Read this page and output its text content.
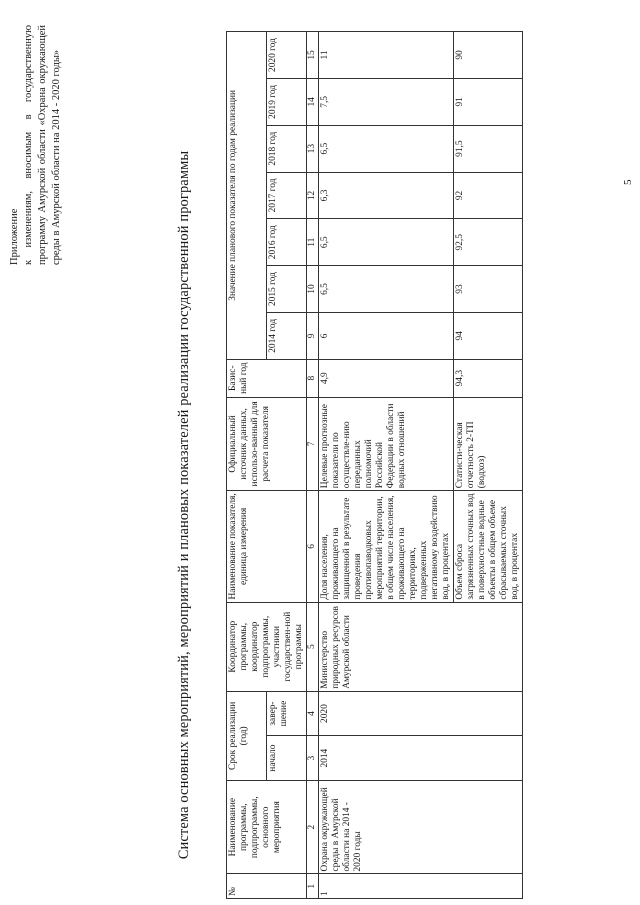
Приложение к изменениям, вносимым в государственную программу Амурской области «Охрана окружающей среды в Амурской области на 2014 - 2020 годы»	Система основных мероприятий, мероприятий и плановых показателей реализации государственной программы
№	Наименование программы, подпрограммы, основного мероприятия	Срок реализации (год)		Координатор программы, координатор подпрограммы, участники государствен-ной программы	Наименование показателя, единица измерения	Официальный источник данных, использо-ванный для расчета показателя	Базис-ный год	Значение планового показателя по годам реализации						
		начало	завер-шение					2014 год	2015 год	2016 год	2017 год	2018 год	2019 год	2020 год
1	2	3	4	5	6	7	8	9	10	11	12	13	14	15
1	Охрана окружающей среды в Амурской области на 2014 - 2020 годы	2014	2020	Министерство природных ресурсов Амурской области	Доля населения, проживающего на защищенной в результате проведения противопаводковых мероприятий территории, в общем числе населения, проживающего на территориях, подверженных негативному воздействию вод, в процентах	Целевые прогнозные показатели по осуществле-нию переданных полномочий Российской Федерации в области водных отношений	4,9	6	6,5	6,5	6,3	6,5	7,5	11
					Объем сброса загрязненных сточных вод в поверхностные водные объекты в общем объеме сбрасываемых сточных вод, в процентах	Статисти-ческая отчетность 2-ТП (водхоз)	94,3	94	93	92,5	92	91,5	91	90
5
